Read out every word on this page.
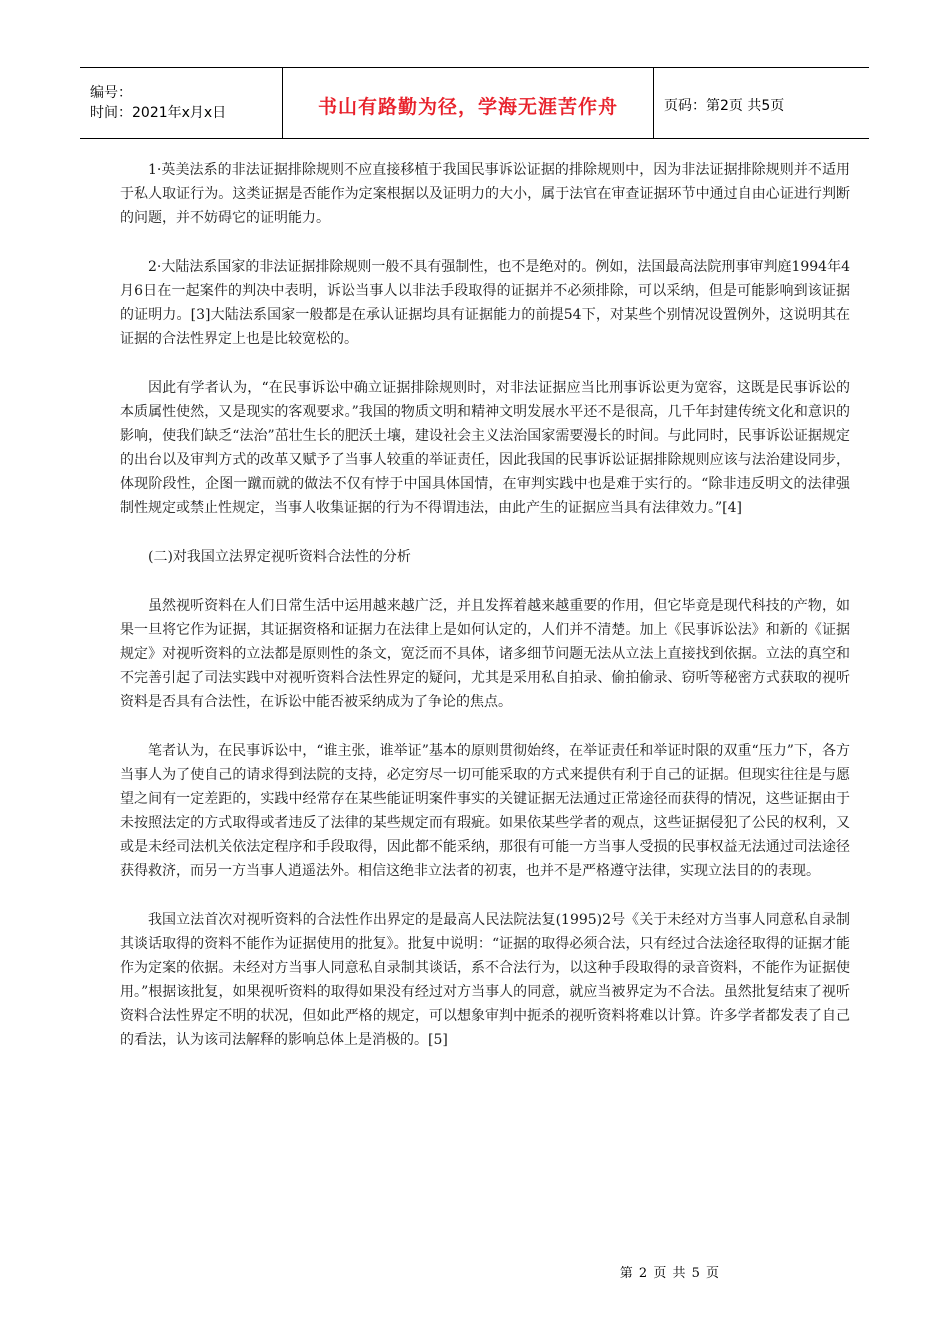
编号：
时间：2021年x月x日	书山有路勤为径，学海无涯苦作舟	页码：第2页 共5页

1·英美法系的非法证据排除规则不应直接移植于我国民事诉讼证据的排除规则中，因为非法证据排除规则并不适用于私人取证行为。这类证据是否能作为定案根据以及证明力的大小，属于法官在审查证据环节中通过自由心证进行判断的问题，并不妨碍它的证明能力。

2·大陆法系国家的非法证据排除规则一般不具有强制性，也不是绝对的。例如，法国最高法院刑事审判庭1994年4月6日在一起案件的判决中表明，诉讼当事人以非法手段取得的证据并不必须排除，可以采纳，但是可能影响到该证据的证明力。[3]大陆法系国家一般都是在承认证据均具有证据能力的前提54下，对某些个别情况设置例外，这说明其在证据的合法性界定上也是比较宽松的。

因此有学者认为，“在民事诉讼中确立证据排除规则时，对非法证据应当比刑事诉讼更为宽容，这既是民事诉讼的本质属性使然，又是现实的客观要求。”我国的物质文明和精神文明发展水平还不是很高，几千年封建传统文化和意识的影响，使我们缺乏“法治”茁壮生长的肥沃土壤，建设社会主义法治国家需要漫长的时间。与此同时，民事诉讼证据规定的出台以及审判方式的改革又赋予了当事人较重的举证责任，因此我国的民事诉讼证据排除规则应该与法治建设同步，体现阶段性，企图一蹴而就的做法不仅有悖于中国具体国情，在审判实践中也是难于实行的。“除非违反明文的法律强制性规定或禁止性规定，当事人收集证据的行为不得谓违法，由此产生的证据应当具有法律效力。”[4]

(二)对我国立法界定视听资料合法性的分析

虽然视听资料在人们日常生活中运用越来越广泛，并且发挥着越来越重要的作用，但它毕竟是现代科技的产物，如果一旦将它作为证据，其证据资格和证据力在法律上是如何认定的，人们并不清楚。加上《民事诉讼法》和新的《证据规定》对视听资料的立法都是原则性的条文，宽泛而不具体，诸多细节问题无法从立法上直接找到依据。立法的真空和不完善引起了司法实践中对视听资料合法性界定的疑问，尤其是采用私自拍录、偷拍偷录、窃听等秘密方式获取的视听资料是否具有合法性，在诉讼中能否被采纳成为了争论的焦点。

笔者认为，在民事诉讼中，“谁主张，谁举证”基本的原则贯彻始终，在举证责任和举证时限的双重“压力”下，各方当事人为了使自己的请求得到法院的支持，必定穷尽一切可能采取的方式来提供有利于自己的证据。但现实往往是与愿望之间有一定差距的，实践中经常存在某些能证明案件事实的关键证据无法通过正常途径而获得的情况，这些证据由于未按照法定的方式取得或者违反了法律的某些规定而有瑕疵。如果依某些学者的观点，这些证据侵犯了公民的权利，又或是未经司法机关依法定程序和手段取得，因此都不能采纳，那很有可能一方当事人受损的民事权益无法通过司法途径获得救济，而另一方当事人逍遥法外。相信这绝非立法者的初衷，也并不是严格遵守法律，实现立法目的的表现。

我国立法首次对视听资料的合法性作出界定的是最高人民法院法复(1995)2号《关于未经对方当事人同意私自录制其谈话取得的资料不能作为证据使用的批复》。批复中说明：“证据的取得必须合法，只有经过合法途径取得的证据才能作为定案的依据。未经对方当事人同意私自录制其谈话，系不合法行为，以这种手段取得的录音资料，不能作为证据使用。”根据该批复，如果视听资料的取得如果没有经过对方当事人的同意，就应当被界定为不合法。虽然批复结束了视听资料合法性界定不明的状况，但如此严格的规定，可以想象审判中扼杀的视听资料将难以计算。许多学者都发表了自己的看法，认为该司法解释的影响总体上是消极的。[5]

第 2 页 共 5 页
